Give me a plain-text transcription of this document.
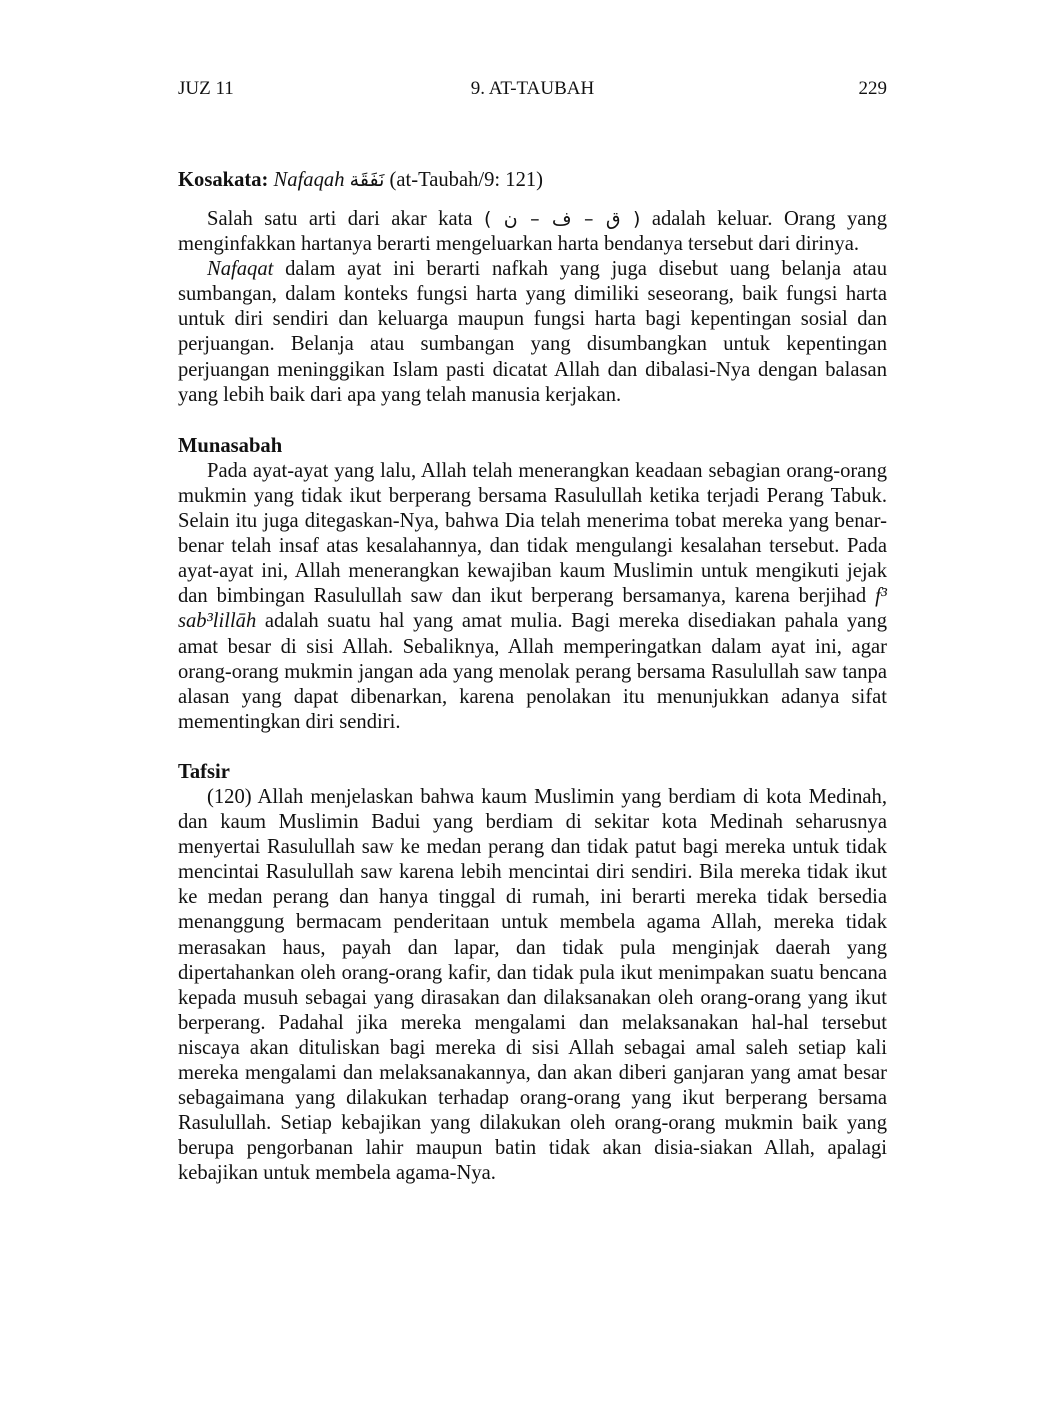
JUZ 11	9. AT-TAUBAH	229
Kosakata: Nafaqah نَفَقَة (at-Taubah/9: 121)

Salah satu arti dari akar kata ( ق – ف – ن ) adalah keluar. Orang yang menginfakkan hartanya berarti mengeluarkan harta bendanya tersebut dari dirinya.

Nafaqat dalam ayat ini berarti nafkah yang juga disebut uang belanja atau sumbangan, dalam konteks fungsi harta yang dimiliki seseorang, baik fungsi harta untuk diri sendiri dan keluarga maupun fungsi harta bagi kepentingan sosial dan perjuangan. Belanja atau sumbangan yang disumbangkan untuk kepentingan perjuangan meninggikan Islam pasti dicatat Allah dan dibalasi-Nya dengan balasan yang lebih baik dari apa yang telah manusia kerjakan.

Munasabah

Pada ayat-ayat yang lalu, Allah telah menerangkan keadaan sebagian orang-orang mukmin yang tidak ikut berperang bersama Rasulullah ketika terjadi Perang Tabuk. Selain itu juga ditegaskan-Nya, bahwa Dia telah menerima tobat mereka yang benar-benar telah insaf atas kesalahannya, dan tidak mengulangi kesalahan tersebut. Pada ayat-ayat ini, Allah menerangkan kewajiban kaum Muslimin untuk mengikuti jejak dan bimbingan Rasulullah saw dan ikut berperang bersamanya, karena berjihad f³ sab³lillāh adalah suatu hal yang amat mulia. Bagi mereka disediakan pahala yang amat besar di sisi Allah. Sebaliknya, Allah memperingatkan dalam ayat ini, agar orang-orang mukmin jangan ada yang menolak perang bersama Rasulullah saw tanpa alasan yang dapat dibenarkan, karena penolakan itu menunjukkan adanya sifat mementingkan diri sendiri.

Tafsir

(120) Allah menjelaskan bahwa kaum Muslimin yang berdiam di kota Medinah, dan kaum Muslimin Badui yang berdiam di sekitar kota Medinah seharusnya menyertai Rasulullah saw ke medan perang dan tidak patut bagi mereka untuk tidak mencintai Rasulullah saw karena lebih mencintai diri sendiri. Bila mereka tidak ikut ke medan perang dan hanya tinggal di rumah, ini berarti mereka tidak bersedia menanggung bermacam penderitaan untuk membela agama Allah, mereka tidak merasakan haus, payah dan lapar, dan tidak pula menginjak daerah yang dipertahankan oleh orang-orang kafir, dan tidak pula ikut menimpakan suatu bencana kepada musuh sebagai yang dirasakan dan dilaksanakan oleh orang-orang yang ikut berperang. Padahal jika mereka mengalami dan melaksanakan hal-hal tersebut niscaya akan dituliskan bagi mereka di sisi Allah sebagai amal saleh setiap kali mereka mengalami dan melaksanakannya, dan akan diberi ganjaran yang amat besar sebagaimana yang dilakukan terhadap orang-orang yang ikut berperang bersama Rasulullah. Setiap kebajikan yang dilakukan oleh orang-orang mukmin baik yang berupa pengorbanan lahir maupun batin tidak akan disia-siakan Allah, apalagi kebajikan untuk membela agama-Nya.
